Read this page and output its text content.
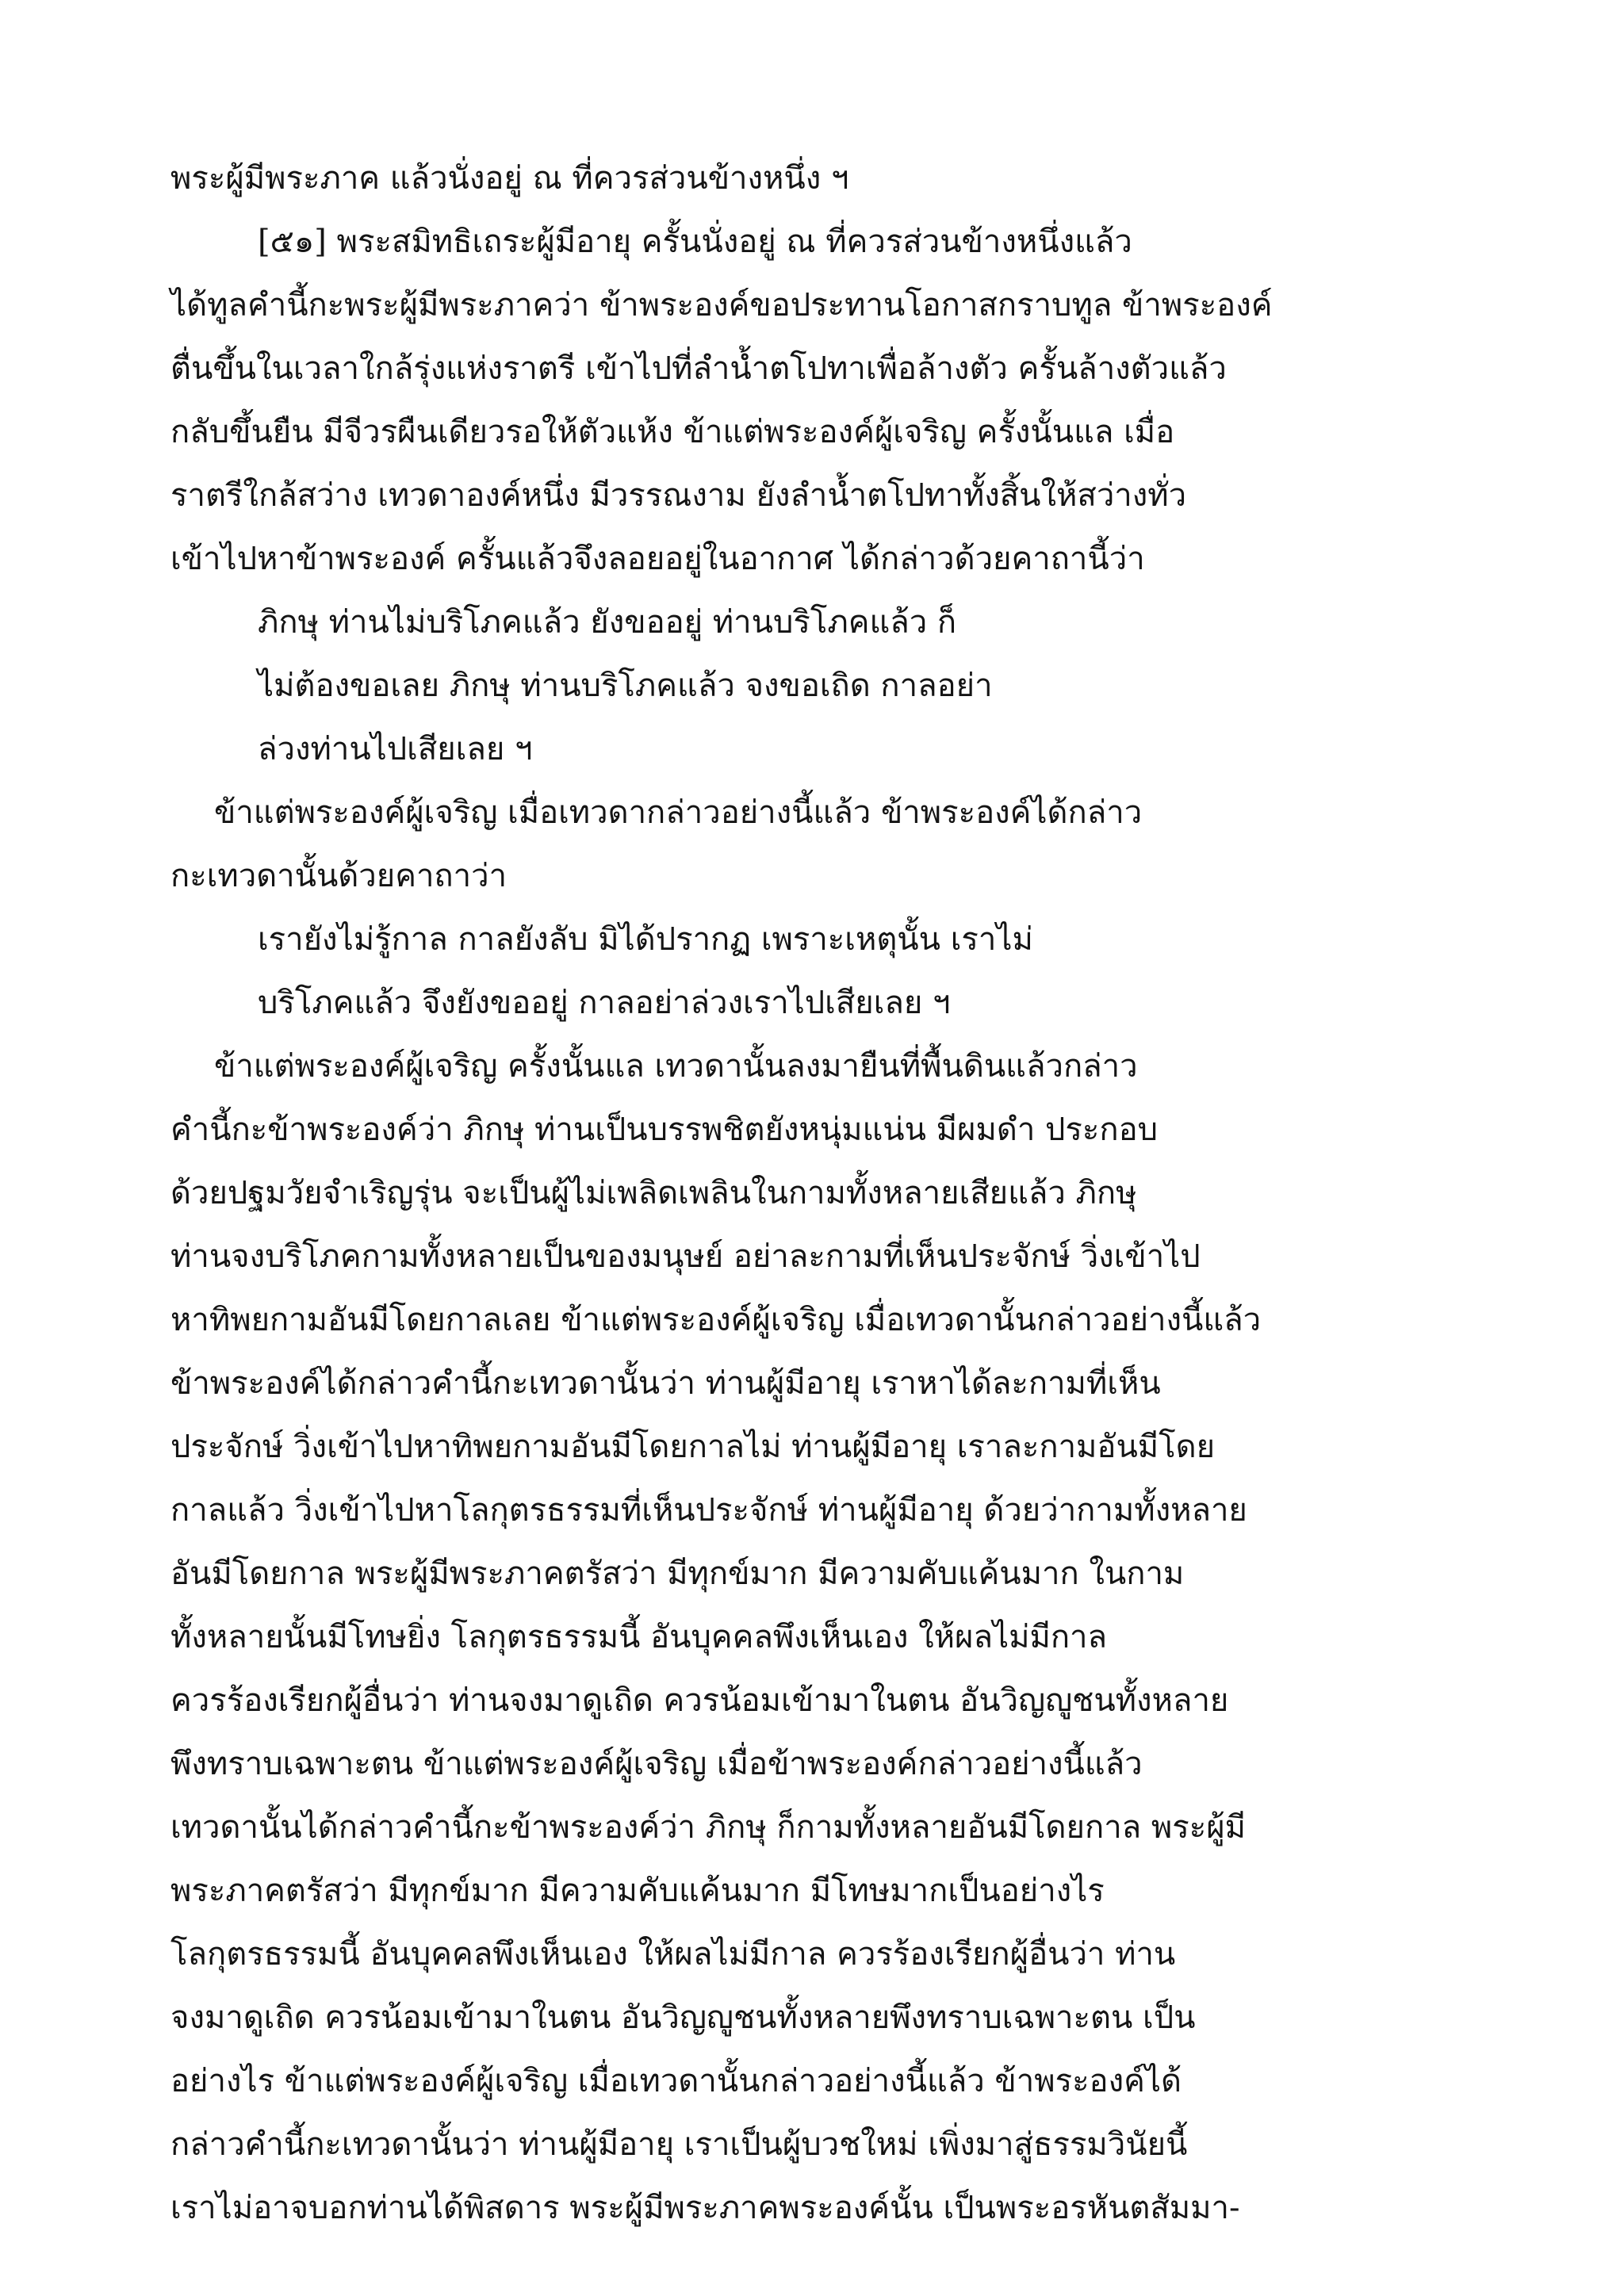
พระผู้มีพระภาค แล้วนั่งอยู่ ณ ที่ควรส่วนข้างหนึ่ง ฯ
[๕๑] พระสมิทธิเถระผู้มีอายุ ครั้นนั่งอยู่ ณ ที่ควรส่วนข้างหนึ่งแล้ว
ได้ทูลคำนี้กะพระผู้มีพระภาคว่า ข้าพระองค์ขอประทานโอกาสกราบทูล ข้าพระองค์
ตื่นขึ้นในเวลาใกล้รุ่งแห่งราตรี เข้าไปที่ลำน้ำตโปทาเพื่อล้างตัว ครั้นล้างตัวแล้ว
กลับขึ้นยืน มีจีวรผืนเดียวรอให้ตัวแห้ง ข้าแต่พระองค์ผู้เจริญ ครั้งนั้นแล เมื่อ
ราตรีใกล้สว่าง เทวดาองค์หนึ่ง มีวรรณงาม ยังลำน้ำตโปทาทั้งสิ้นให้สว่างทั่ว
เข้าไปหาข้าพระองค์ ครั้นแล้วจึงลอยอยู่ในอากาศ ได้กล่าวด้วยคาถานี้ว่า
ภิกษุ ท่านไม่บริโภคแล้ว ยังขออยู่ ท่านบริโภคแล้ว ก็
ไม่ต้องขอเลย ภิกษุ ท่านบริโภคแล้ว จงขอเถิด กาลอย่า
ล่วงท่านไปเสียเลย ฯ
ข้าแต่พระองค์ผู้เจริญ เมื่อเทวดากล่าวอย่างนี้แล้ว ข้าพระองค์ได้กล่าว
กะเทวดานั้นด้วยคาถาว่า
เรายังไม่รู้กาล กาลยังลับ มิได้ปรากฏ เพราะเหตุนั้น เราไม่
บริโภคแล้ว จึงยังขออยู่ กาลอย่าล่วงเราไปเสียเลย ฯ
ข้าแต่พระองค์ผู้เจริญ ครั้งนั้นแล เทวดานั้นลงมายืนที่พื้นดินแล้วกล่าว
คำนี้กะข้าพระองค์ว่า ภิกษุ ท่านเป็นบรรพชิตยังหนุ่มแน่น มีผมดำ ประกอบ
ด้วยปฐมวัยจำเริญรุ่น จะเป็นผู้ไม่เพลิดเพลินในกามทั้งหลายเสียแล้ว ภิกษุ
ท่านจงบริโภคกามทั้งหลายเป็นของมนุษย์ อย่าละกามที่เห็นประจักษ์ วิ่งเข้าไป
หาทิพยกามอันมีโดยกาลเลย ข้าแต่พระองค์ผู้เจริญ เมื่อเทวดานั้นกล่าวอย่างนี้แล้ว
ข้าพระองค์ได้กล่าวคำนี้กะเทวดานั้นว่า ท่านผู้มีอายุ เราหาได้ละกามที่เห็น
ประจักษ์ วิ่งเข้าไปหาทิพยกามอันมีโดยกาลไม่ ท่านผู้มีอายุ เราละกามอันมีโดย
กาลแล้ว วิ่งเข้าไปหาโลกุตรธรรมที่เห็นประจักษ์ ท่านผู้มีอายุ ด้วยว่ากามทั้งหลาย
อันมีโดยกาล พระผู้มีพระภาคตรัสว่า มีทุกข์มาก มีความคับแค้นมาก ในกาม
ทั้งหลายนั้นมีโทษยิ่ง โลกุตรธรรมนี้ อันบุคคลพึงเห็นเอง ให้ผลไม่มีกาล
ควรร้องเรียกผู้อื่นว่า ท่านจงมาดูเถิด ควรน้อมเข้ามาในตน อันวิญญูชนทั้งหลาย
พึงทราบเฉพาะตน ข้าแต่พระองค์ผู้เจริญ เมื่อข้าพระองค์กล่าวอย่างนี้แล้ว
เทวดานั้นได้กล่าวคำนี้กะข้าพระองค์ว่า ภิกษุ ก็กามทั้งหลายอันมีโดยกาล พระผู้มี
พระภาคตรัสว่า มีทุกข์มาก มีความคับแค้นมาก มีโทษมากเป็นอย่างไร
โลกุตรธรรมนี้ อันบุคคลพึงเห็นเอง ให้ผลไม่มีกาล ควรร้องเรียกผู้อื่นว่า ท่าน
จงมาดูเถิด ควรน้อมเข้ามาในตน อันวิญญูชนทั้งหลายพึงทราบเฉพาะตน เป็น
อย่างไร ข้าแต่พระองค์ผู้เจริญ เมื่อเทวดานั้นกล่าวอย่างนี้แล้ว ข้าพระองค์ได้
กล่าวคำนี้กะเทวดานั้นว่า ท่านผู้มีอายุ เราเป็นผู้บวชใหม่ เพิ่งมาสู่ธรรมวินัยนี้
เราไม่อาจบอกท่านได้พิสดาร พระผู้มีพระภาคพระองค์นั้น เป็นพระอรหันตสัมมา-
